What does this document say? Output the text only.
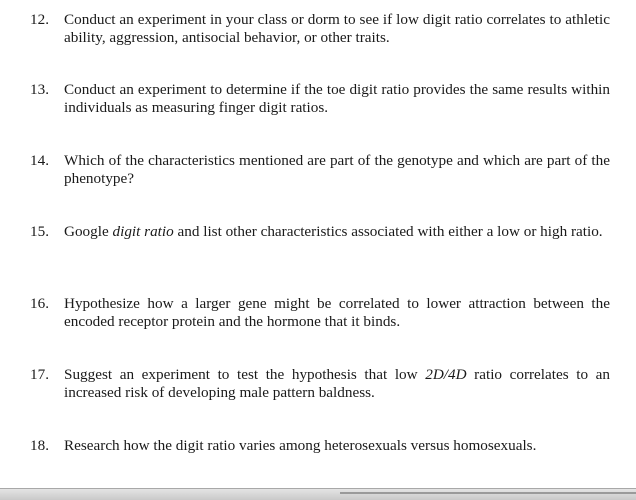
12. Conduct an experiment in your class or dorm to see if low digit ratio correlates to athletic ability, aggression, antisocial behavior, or other traits.
13. Conduct an experiment to determine if the toe digit ratio provides the same results within individuals as measuring finger digit ratios.
14. Which of the characteristics mentioned are part of the genotype and which are part of the phenotype?
15. Google digit ratio and list other characteristics associated with either a low or high ratio.
16. Hypothesize how a larger gene might be correlated to lower attraction between the encoded receptor protein and the hormone that it binds.
17. Suggest an experiment to test the hypothesis that low 2D/4D ratio correlates to an increased risk of developing male pattern baldness.
18. Research how the digit ratio varies among heterosexuals versus homosexuals.
